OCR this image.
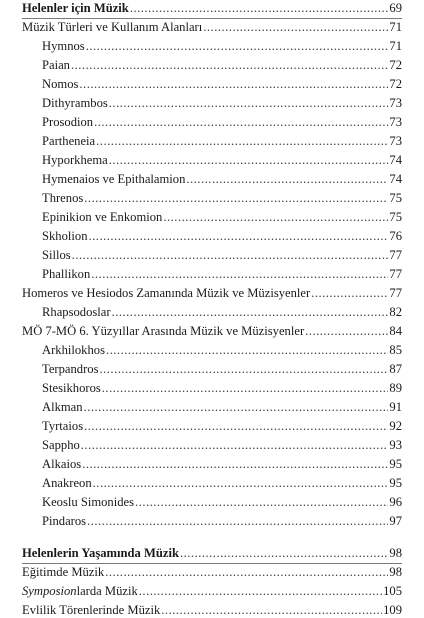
Helenler için Müzik .....	69
Müzik Türleri ve Kullanım Alanları .....	71
Hymnos .....	71
Paian .....	72
Nomos .....	72
Dithyrambos .....	73
Prosodion .....	73
Partheneia .....	73
Hyporkhema .....	74
Hymenaios ve Epithalamion .....	74
Threnos .....	75
Epinikion ve Enkomion .....	75
Skholion .....	76
Sillos .....	77
Phallikon .....	77
Homeros ve Hesiodos Zamanında Müzik ve Müzisyenler .....	77
Rhapsodoslar .....	82
MÖ 7-MÖ 6. Yüzyıllar Arasında Müzik ve Müzisyenler .....	84
Arkhilokhos .....	85
Terpandros .....	87
Stesikhoros .....	89
Alkman .....	91
Tyrtaios .....	92
Sappho .....	93
Alkaios .....	95
Anakreon .....	95
Keoslu Simonides .....	96
Pindaros .....	97
Helenlerin Yaşamında Müzik .....	98
Eğitimde Müzik .....	98
Symposionlarda Müzik .....	105
Evlilik Törenlerinde Müzik .....	109
